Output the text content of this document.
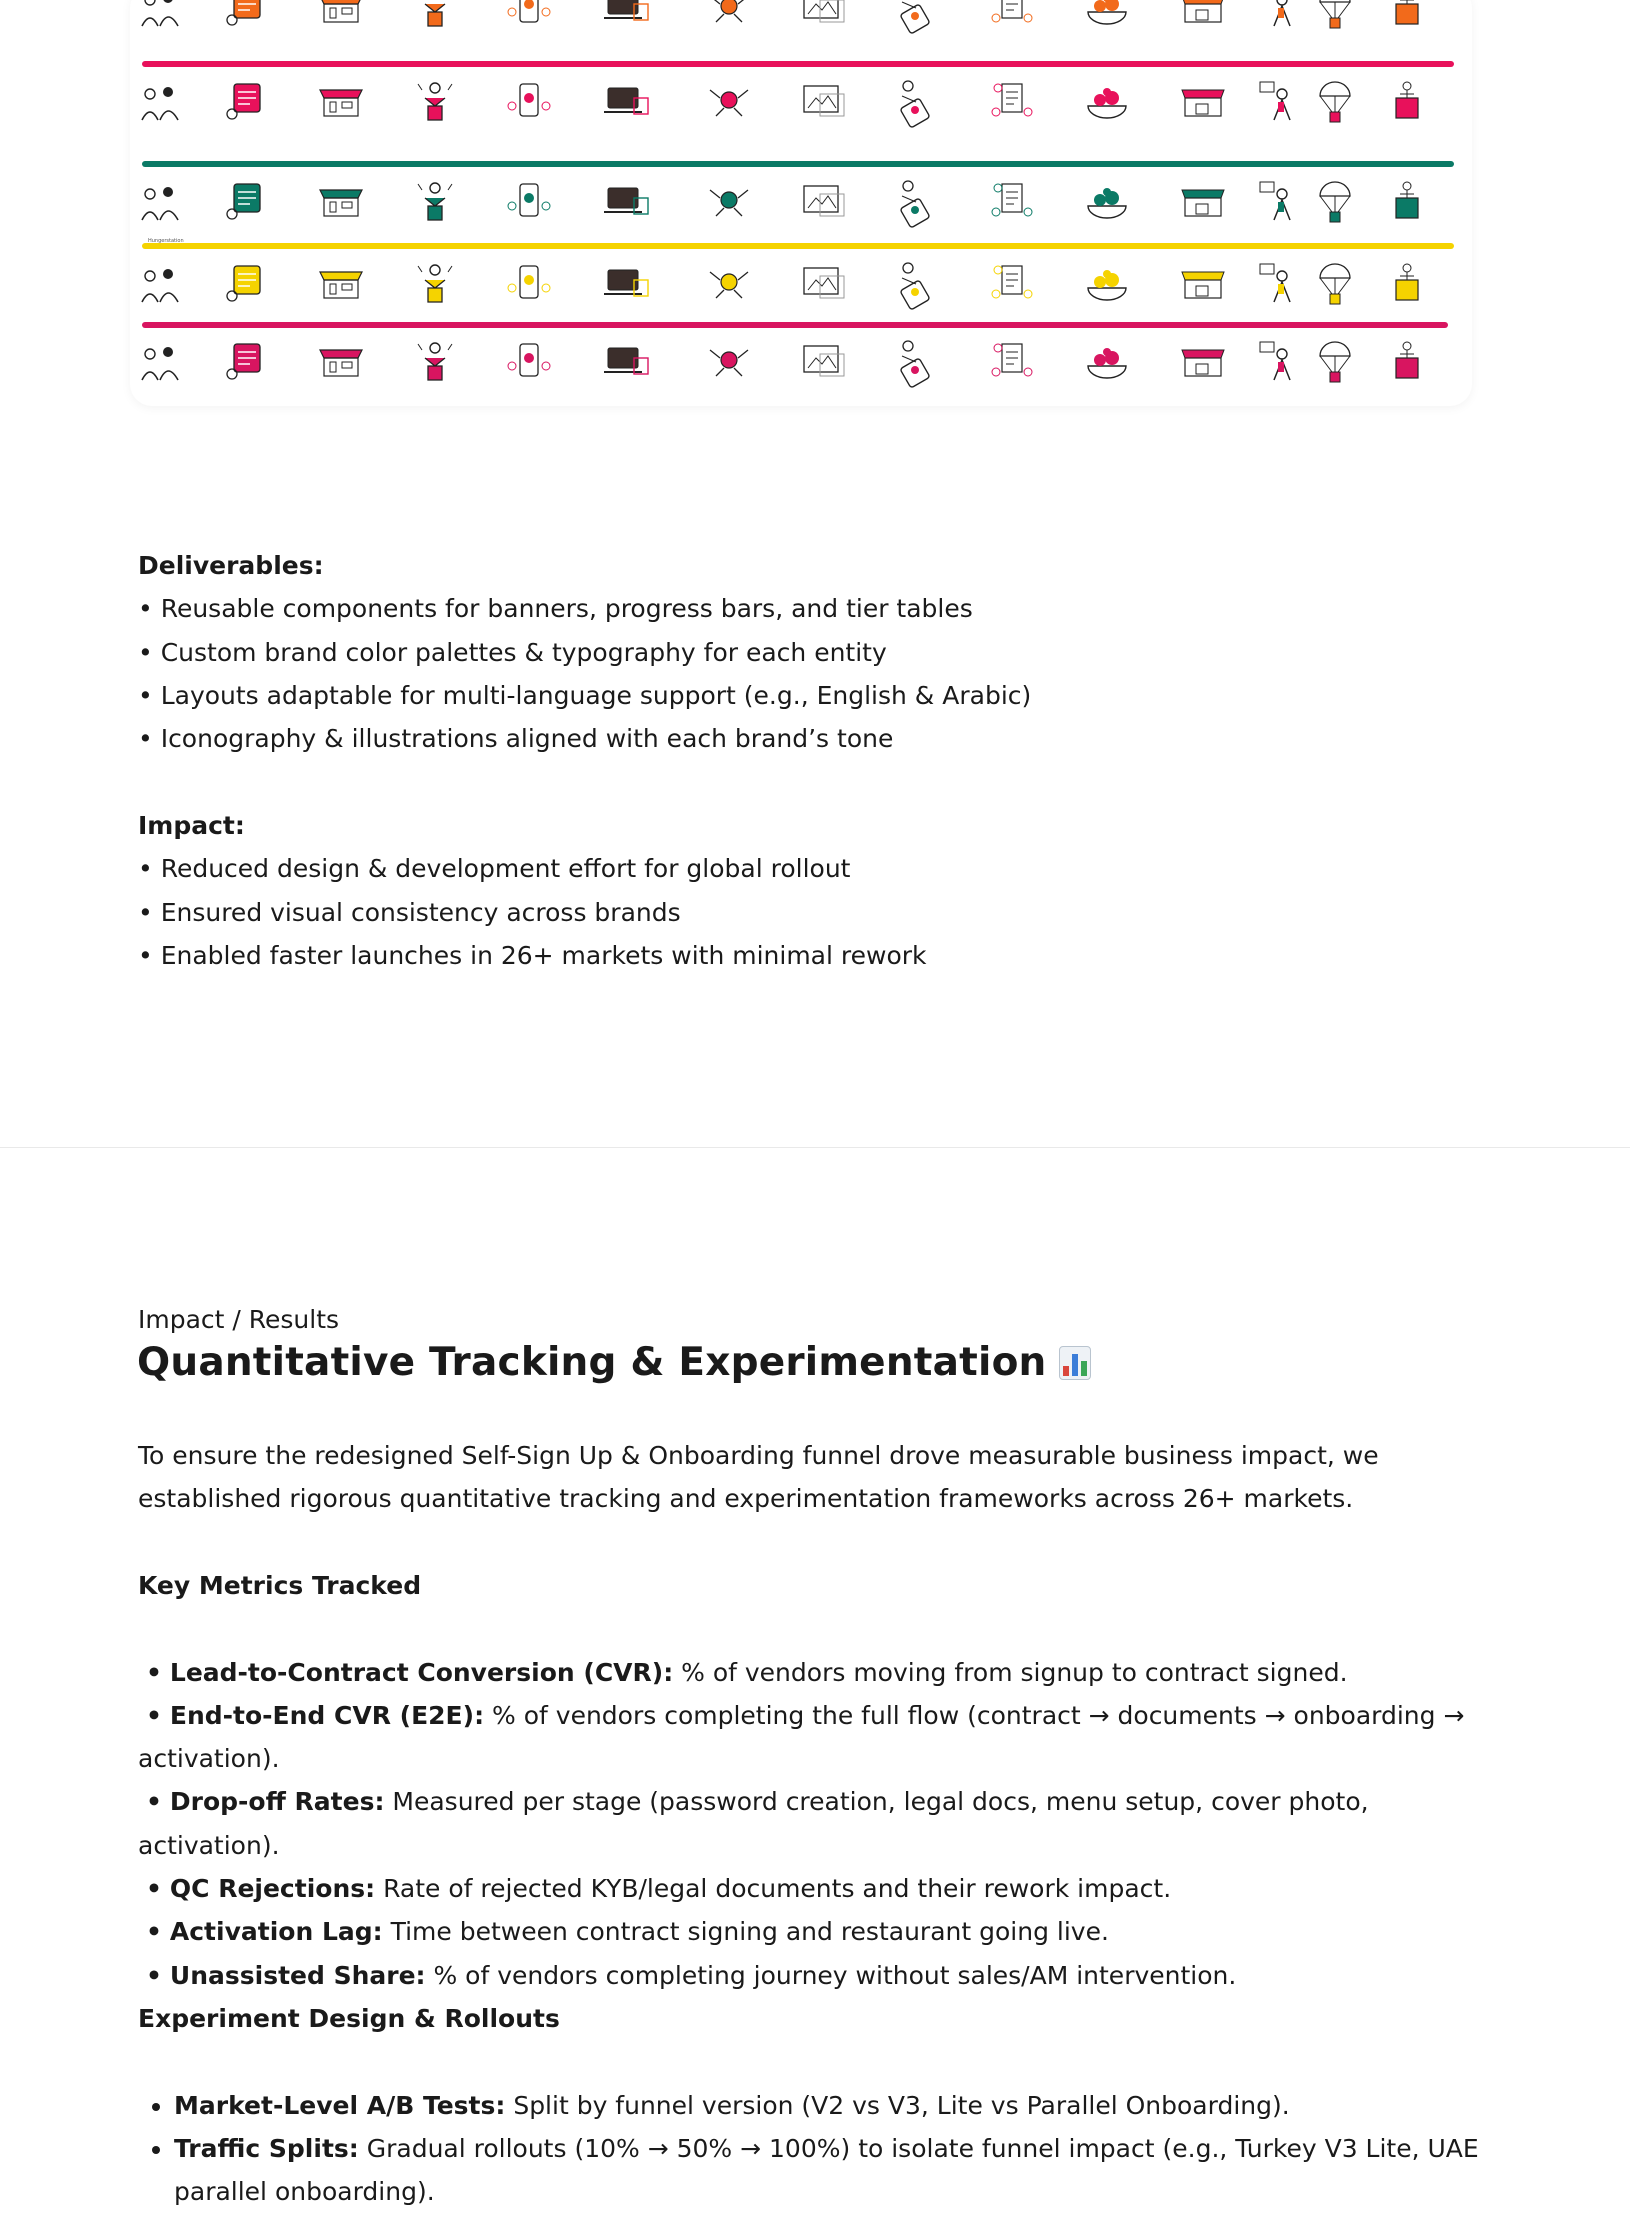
foodpanda
Glovo
Hungerstation
Pandora
Deliverables:
• Reusable components for banners, progress bars, and tier tables
• Custom brand color palettes & typography for each entity
• Layouts adaptable for multi-language support (e.g., English & Arabic)
• Iconography & illustrations aligned with each brand’s tone
Impact:
• Reduced design & development effort for global rollout
• Ensured visual consistency across brands
• Enabled faster launches in 26+ markets with minimal rework
Impact / Results
Quantitative Tracking & Experimentation
To ensure the redesigned Self-Sign Up & Onboarding funnel drove measurable business impact, we established rigorous quantitative tracking and experimentation frameworks across 26+ markets.
Key Metrics Tracked
• Lead-to-Contract Conversion (CVR): % of vendors moving from signup to contract signed.
• End-to-End CVR (E2E): % of vendors completing the full flow (contract → documents → onboarding → activation).
• Drop-off Rates: Measured per stage (password creation, legal docs, menu setup, cover photo, activation).
• QC Rejections: Rate of rejected KYB/legal documents and their rework impact.
• Activation Lag: Time between contract signing and restaurant going live.
• Unassisted Share: % of vendors completing journey without sales/AM intervention.
Experiment Design & Rollouts
• Market-Level A/B Tests: Split by funnel version (V2 vs V3, Lite vs Parallel Onboarding).
• Traffic Splits: Gradual rollouts (10% → 50% → 100%) to isolate funnel impact (e.g., Turkey V3 Lite, UAE parallel onboarding).
